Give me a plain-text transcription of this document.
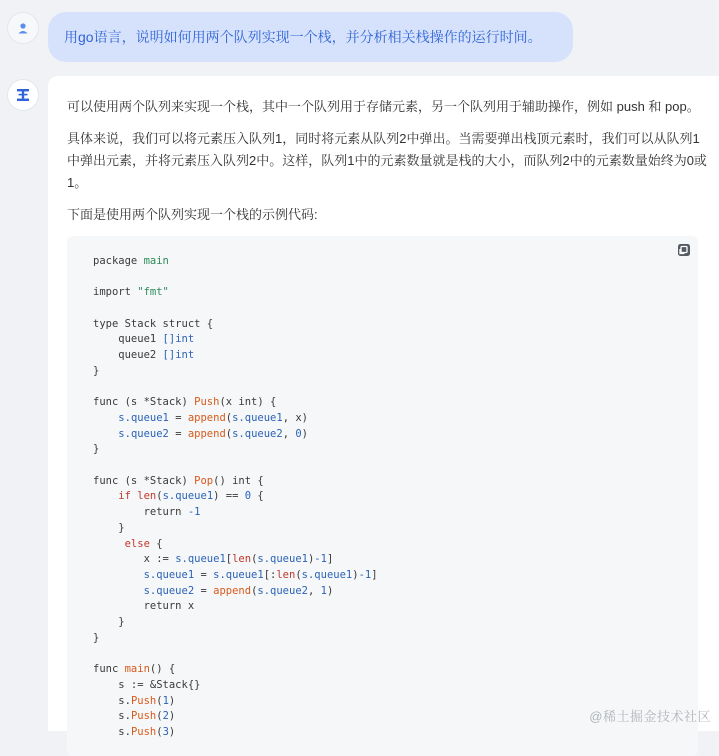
用go语言，说明如何用两个队列实现一个栈，并分析相关栈操作的运行时间。

可以使用两个队列来实现一个栈，其中一个队列用于存储元素，另一个队列用于辅助操作，例如 push 和 pop。

具体来说，我们可以将元素压入队列1，同时将元素从队列2中弹出。当需要弹出栈顶元素时，我们可以从队列1中弹出元素，并将元素压入队列2中。这样，队列1中的元素数量就是栈的大小，而队列2中的元素数量始终为0或1。

下面是使用两个队列实现一个栈的示例代码:

package main
import "fmt"
type Stack struct {
queue1 []int
queue2 []int
}
func (s *Stack) Push(x int) {
s.queue1 = append(s.queue1, x)
s.queue2 = append(s.queue2, 0)
}
func (s *Stack) Pop() int {
if len(s.queue1) == 0 {
return -1
}
else {
x := s.queue1[len(s.queue1)-1]
s.queue1 = s.queue1[:len(s.queue1)-1]
s.queue2 = append(s.queue2, 1)
return x
}
}
func main() {
s := &Stack{}
s.Push(1)
s.Push(2)
s.Push(3)
@稀土掘金技术社区
